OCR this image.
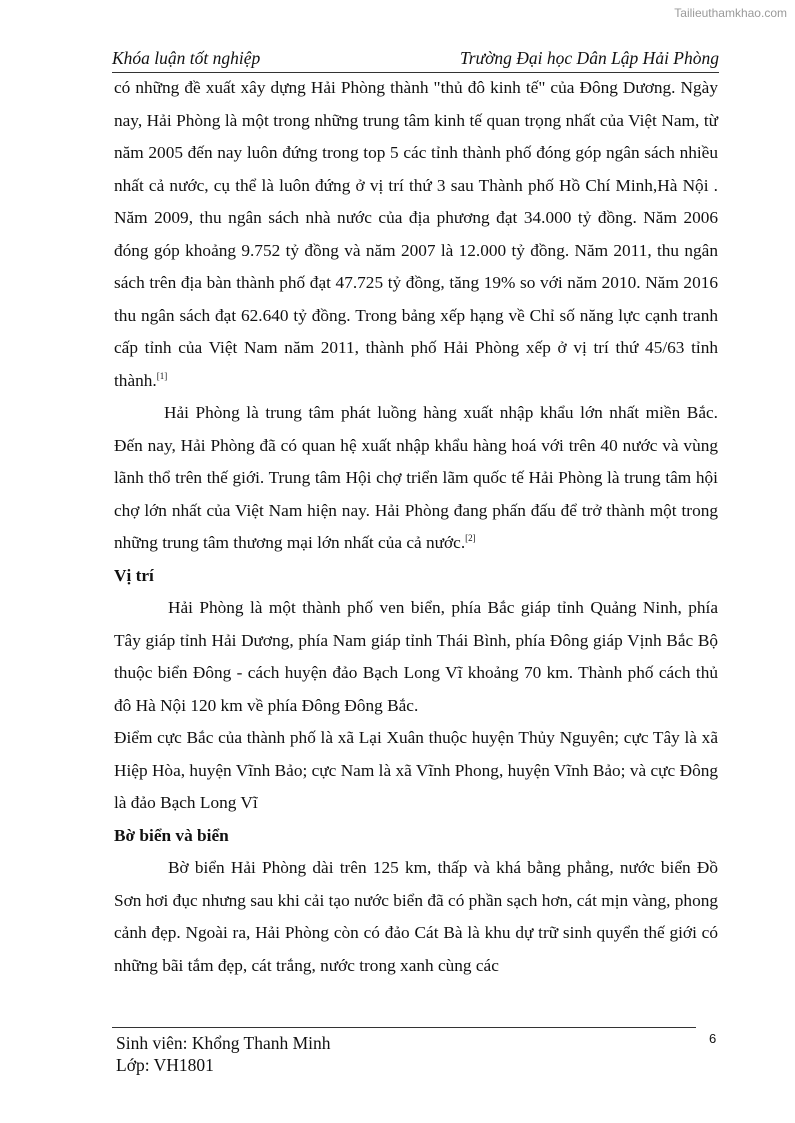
Tailieuthamkhao.com
Khóa luận tốt nghiệp	Trường Đại học Dân Lập Hải Phòng

có những đề xuất xây dựng Hải Phòng thành "thủ đô kinh tế" của Đông Dương. Ngày nay, Hải Phòng là một trong những trung tâm kinh tế quan trọng nhất của Việt Nam, từ năm 2005 đến nay luôn đứng trong top 5 các tỉnh thành phố đóng góp ngân sách nhiều nhất cả nước, cụ thể là luôn đứng ở vị trí thứ 3 sau Thành phố Hồ Chí Minh,Hà Nội . Năm 2009, thu ngân sách nhà nước của địa phương đạt 34.000 tỷ đồng. Năm 2006 đóng góp khoảng 9.752 tỷ đồng và năm 2007 là 12.000 tỷ đồng. Năm 2011, thu ngân sách trên địa bàn thành phố đạt 47.725 tỷ đồng, tăng 19% so với năm 2010. Năm 2016 thu ngân sách đạt 62.640 tỷ đồng. Trong bảng xếp hạng về Chỉ số năng lực cạnh tranh cấp tỉnh của Việt Nam năm 2011, thành phố Hải Phòng xếp ở vị trí thứ 45/63 tỉnh thành.[1]

Hải Phòng là trung tâm phát luồng hàng xuất nhập khẩu lớn nhất miền Bắc. Đến nay, Hải Phòng đã có quan hệ xuất nhập khẩu hàng hoá với trên 40 nước và vùng lãnh thổ trên thế giới. Trung tâm Hội chợ triển lãm quốc tế Hải Phòng là trung tâm hội chợ lớn nhất của Việt Nam hiện nay. Hải Phòng đang phấn đấu để trở thành một trong những trung tâm thương mại lớn nhất của cả nước.[2]

Vị trí

Hải Phòng là một thành phố ven biển, phía Bắc giáp tỉnh Quảng Ninh, phía Tây giáp tỉnh Hải Dương, phía Nam giáp tỉnh Thái Bình, phía Đông giáp Vịnh Bắc Bộ thuộc biển Đông - cách huyện đảo Bạch Long Vĩ khoảng 70 km. Thành phố cách thủ đô Hà Nội 120 km về phía Đông Đông Bắc.

Điểm cực Bắc của thành phố là xã Lại Xuân thuộc huyện Thủy Nguyên; cực Tây là xã Hiệp Hòa, huyện Vĩnh Bảo; cực Nam là xã Vĩnh Phong, huyện Vĩnh Bảo; và cực Đông là đảo Bạch Long Vĩ

Bờ biển và biển

Bờ biển Hải Phòng dài trên 125 km, thấp và khá bằng phẳng, nước biển Đồ Sơn hơi đục nhưng sau khi cải tạo nước biển đã có phần sạch hơn, cát mịn vàng, phong cảnh đẹp. Ngoài ra, Hải Phòng còn có đảo Cát Bà là khu dự trữ sinh quyển thế giới có những bãi tắm đẹp, cát trắng, nước trong xanh cùng các

Sinh viên: Khổng Thanh Minh
Lớp: VH1801
6
